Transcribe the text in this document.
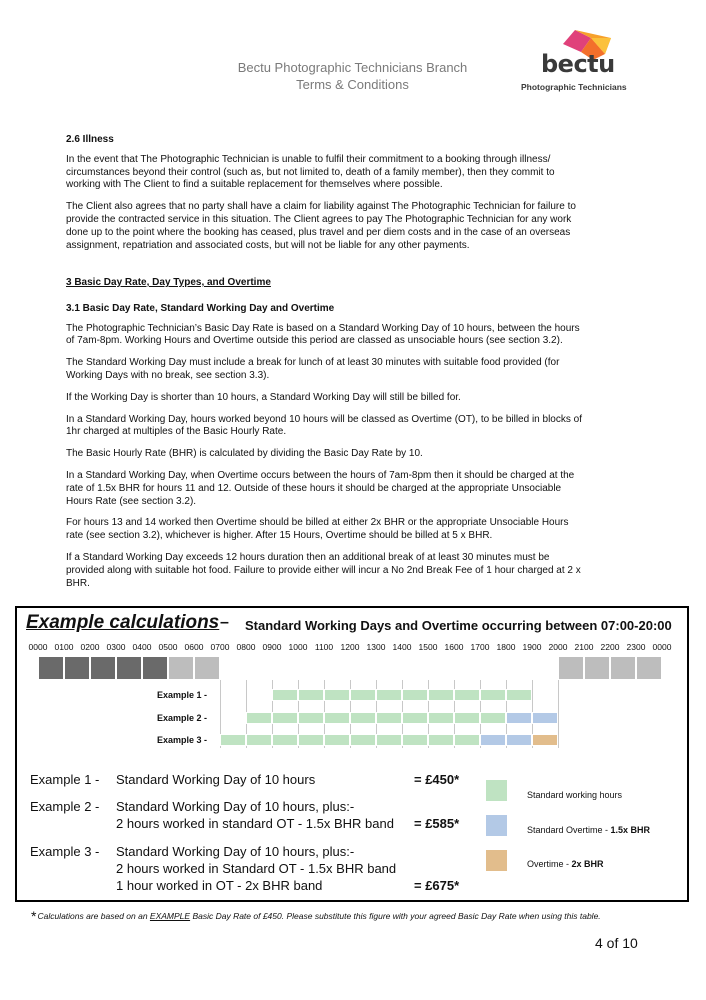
Bectu Photographic Technicians Branch
Terms & Conditions
bectu
Photographic Technicians
2.6 Illness

In the event that The Photographic Technician is unable to fulfil their commitment to a booking through illness/ circumstances beyond their control (such as, but not limited to, death of a family member), then they commit to working with The Client to find a suitable replacement for themselves where possible.

The Client also agrees that no party shall have a claim for liability against The Photographic Technician for failure to provide the contracted service in this situation. The Client agrees to pay The Photographic Technician for any work done up to the point where the booking has ceased, plus travel and per diem costs and in the case of an overseas assignment, repatriation and associated costs, but will not be liable for any other payments.

3 Basic Day Rate, Day Types, and Overtime
3.1 Basic Day Rate, Standard Working Day and Overtime

The Photographic Technician’s Basic Day Rate is based on a Standard Working Day of 10 hours, between the hours of 7am-8pm. Working Hours and Overtime outside this period are classed as unsociable hours (see section 3.2).

The Standard Working Day must include a break for lunch of at least 30 minutes with suitable food provided (for Working Days with no break, see section 3.3).

If the Working Day is shorter than 10 hours, a Standard Working Day will still be billed for.

In a Standard Working Day, hours worked beyond 10 hours will be classed as Overtime (OT), to be billed in blocks of 1hr charged at multiples of the Basic Hourly Rate.

The Basic Hourly Rate (BHR) is calculated by dividing the Basic Day Rate by 10.

In a Standard Working Day, when Overtime occurs between the hours of 7am-8pm then it should be charged at the rate of 1.5x BHR for hours 11 and 12. Outside of these hours it should be charged at the appropriate Unsociable Hours Rate (see section 3.2).

For hours 13 and 14 worked then Overtime should be billed at either 2x BHR or the appropriate Unsociable Hours rate (see section 3.2), whichever is higher. After 15 Hours, Overtime should be billed at 5 x BHR.

If a Standard Working Day exceeds 12 hours duration then an additional break of at least 30 minutes must be provided along with suitable hot food. Failure to provide either will incur a No 2nd Break Fee of 1 hour charged at 2 x BHR.

Example calculations – Standard Working Days and Overtime occurring between 07:00-20:00
0000 0100 0200 0300 0400 0500 0600 0700 0800 0900 1000 1100 1200 1300 1400 1500 1600 1700 1800 1900 2000 2100 2200 2300 0000
Example 1 -
Example 2 -
Example 3 -
Example 1 - Standard Working Day of 10 hours	= £450*
Example 2 - Standard Working Day of 10 hours, plus:-
2 hours worked in standard OT - 1.5x BHR band = £585*
Example 3 - Standard Working Day of 10 hours, plus:-
2 hours worked in Standard OT - 1.5x BHR band
1 hour worked in OT - 2x BHR band	= £675*
Standard working hours
Standard Overtime - 1.5x BHR
Overtime - 2x BHR
*Calculations are based on an EXAMPLE Basic Day Rate of £450. Please substitute this figure with your agreed Basic Day Rate when using this table.
4 of 10
